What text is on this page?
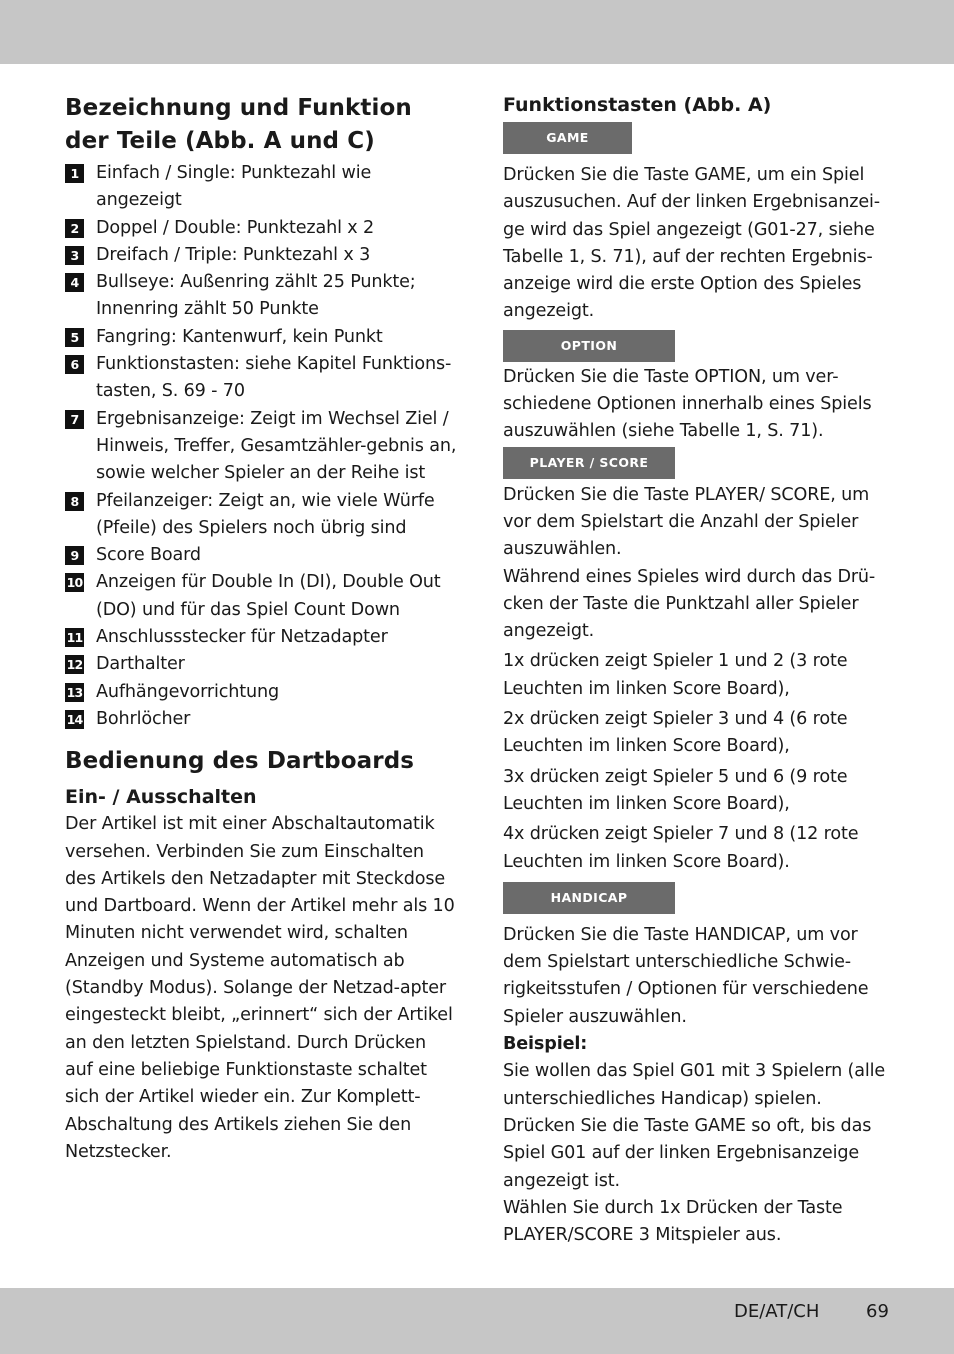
Bezeichnung und Funktion der Teile (Abb. A und C)
1 Einfach / Single: Punktezahl wie angezeigt
2 Doppel / Double: Punktezahl x 2
3 Dreifach / Triple: Punktezahl x 3
4 Bullseye: Außenring zählt 25 Punkte; Innenring zählt 50 Punkte
5 Fangring: Kantenwurf, kein Punkt
6 Funktionstasten: siehe Kapitel Funktions-tasten, S. 69 - 70
7 Ergebnisanzeige: Zeigt im Wechsel Ziel / Hinweis, Treffer, Gesamtzähler-gebnis an, sowie welcher Spieler an der Reihe ist
8 Pfeilanzeiger: Zeigt an, wie viele Würfe (Pfeile) des Spielers noch übrig sind
9 Score Board
10 Anzeigen für Double In (DI), Double Out (DO) und für das Spiel Count Down
11 Anschlussstecker für Netzadapter
12 Darthalter
13 Aufhängevorrichtung
14 Bohrlöcher
Bedienung des Dartboards
Ein- / Ausschalten

Der Artikel ist mit einer Abschaltautomatik versehen. Verbinden Sie zum Einschalten des Artikels den Netzadapter mit Steckdose und Dartboard. Wenn der Artikel mehr als 10 Minuten nicht verwendet wird, schalten Anzeigen und Systeme automatisch ab (Standby Modus). Solange der Netzad-apter eingesteckt bleibt, „erinnert“ sich der Artikel an den letzten Spielstand. Durch Drücken auf eine beliebige Funktionstaste schaltet sich der Artikel wieder ein. Zur Komplett-Abschaltung des Artikels ziehen Sie den Netzstecker.

Funktionstasten (Abb. A)
GAME

Drücken Sie die Taste GAME, um ein Spiel auszusuchen. Auf der linken Ergebnisanzei-ge wird das Spiel angezeigt (G01-27, siehe Tabelle 1, S. 71), auf der rechten Ergebnis-anzeige wird die erste Option des Spieles angezeigt.

OPTION

Drücken Sie die Taste OPTION, um ver-schiedene Optionen innerhalb eines Spiels auszuwählen (siehe Tabelle 1, S. 71).

PLAYER / SCORE

Drücken Sie die Taste PLAYER/ SCORE, um vor dem Spielstart die Anzahl der Spieler auszuwählen.

Während eines Spieles wird durch das Drü-cken der Taste die Punktzahl aller Spieler angezeigt.

1x drücken zeigt Spieler 1 und 2 (3 rote Leuchten im linken Score Board),

2x drücken zeigt Spieler 3 und 4 (6 rote Leuchten im linken Score Board),

3x drücken zeigt Spieler 5 und 6 (9 rote Leuchten im linken Score Board),

4x drücken zeigt Spieler 7 und 8 (12 rote Leuchten im linken Score Board).

HANDICAP

Drücken Sie die Taste HANDICAP, um vor dem Spielstart unterschiedliche Schwie-rigkeitsstufen / Optionen für verschiedene Spieler auszuwählen.

Beispiel:

Sie wollen das Spiel G01 mit 3 Spielern (alle unterschiedliches Handicap) spielen.

Drücken Sie die Taste GAME so oft, bis das Spiel G01 auf der linken Ergebnisanzeige angezeigt ist.

Wählen Sie durch 1x Drücken der Taste PLAYER/SCORE 3 Mitspieler aus.

DE/AT/CH	69
